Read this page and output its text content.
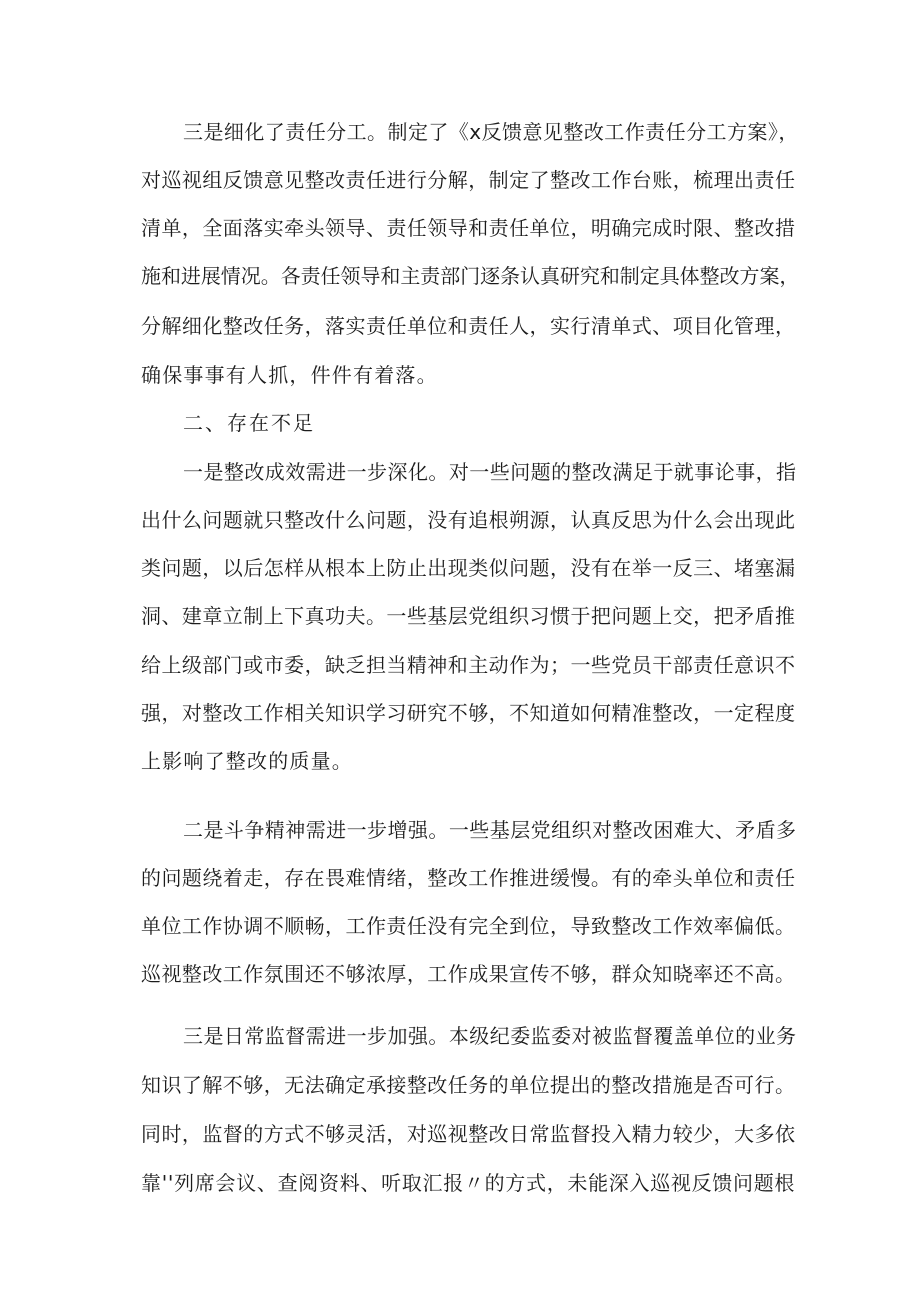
三是细化了责任分工。制定了《x反馈意见整改工作责任分工方案》，
对巡视组反馈意见整改责任进行分解，制定了整改工作台账，梳理出责任
清单，全面落实牵头领导、责任领导和责任单位，明确完成时限、整改措
施和进展情况。各责任领导和主责部门逐条认真研究和制定具体整改方案，
分解细化整改任务，落实责任单位和责任人，实行清单式、项目化管理，
确保事事有人抓，件件有着落。
二、存在不足
一是整改成效需进一步深化。对一些问题的整改满足于就事论事，指
出什么问题就只整改什么问题，没有追根朔源，认真反思为什么会出现此
类问题，以后怎样从根本上防止出现类似问题，没有在举一反三、堵塞漏
洞、建章立制上下真功夫。一些基层党组织习惯于把问题上交，把矛盾推
给上级部门或市委，缺乏担当精神和主动作为；一些党员干部责任意识不
强，对整改工作相关知识学习研究不够，不知道如何精准整改，一定程度
上影响了整改的质量。
二是斗争精神需进一步增强。一些基层党组织对整改困难大、矛盾多
的问题绕着走，存在畏难情绪，整改工作推进缓慢。有的牵头单位和责任
单位工作协调不顺畅，工作责任没有完全到位，导致整改工作效率偏低。
巡视整改工作氛围还不够浓厚，工作成果宣传不够，群众知晓率还不高。
三是日常监督需进一步加强。本级纪委监委对被监督覆盖单位的业务
知识了解不够，无法确定承接整改任务的单位提出的整改措施是否可行。
同时，监督的方式不够灵活，对巡视整改日常监督投入精力较少，大多依
靠''列席会议、查阅资料、听取汇报〃的方式，未能深入巡视反馈问题根
